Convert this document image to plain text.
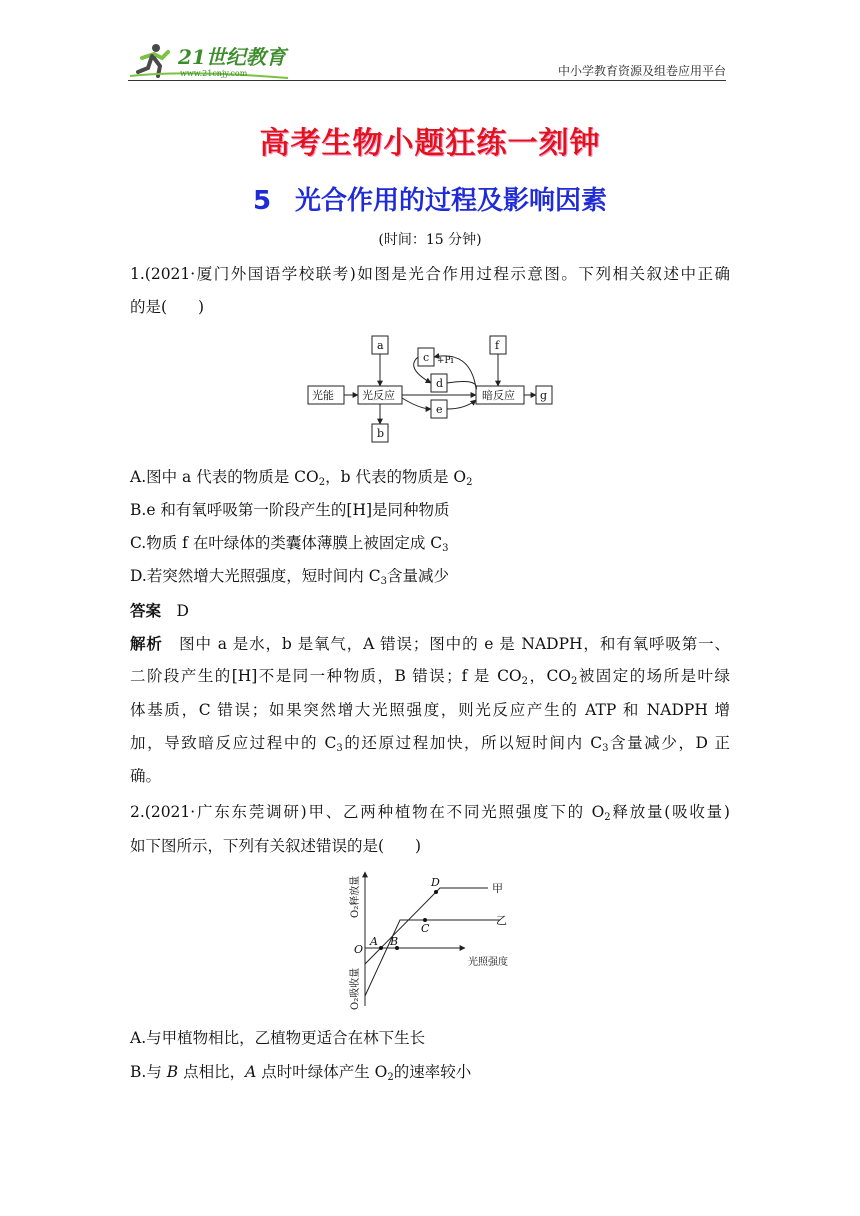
21世纪教育
www.21cnjy.com	中小学教育资源及组卷应用平台
高考生物小题狂练一刻钟
5 光合作用的过程及影响因素
(时间：15 分钟)
1.(2021·厦门外国语学校联考)如图是光合作用过程示意图。下列相关叙述中正确
的是(　　)
光能	光反应	暗反应 g
a
b
c +Pi
d
e
f
A.图中 a 代表的物质是 $CO_2$，b 代表的物质是 $O_2$
B.e 和有氧呼吸第一阶段产生的[H]是同种物质
C.物质 f 在叶绿体的类囊体薄膜上被固定成 $C_3$
D.若突然增大光照强度，短时间内 $C_3$含量减少
答案  D
解析  图中 a 是水，b 是氧气，A 错误；图中的 e 是 NADPH，和有氧呼吸第一、
二阶段产生的[H]不是同一种物质，B 错误；f 是 $CO_2$，$CO_2$被固定的场所是叶绿
体基质，C 错误；如果突然增大光照强度，则光反应产生的 ATP 和 NADPH 增
加，导致暗反应过程中的 $C_3$的还原过程加快，所以短时间内 $C_3$含量减少，D 正
确。
2.(2021·广东东莞调研)甲、乙两种植物在不同光照强度下的 $O_2$释放量(吸收量)
如下图所示，下列有关叙述错误的是(　　)
O
A B
C
D	甲
乙
光照强度
O₂释放量
O₂吸收量
A.与甲植物相比，乙植物更适合在林下生长
B.与 B 点相比，A 点时叶绿体产生 $O_2$的速率较小
